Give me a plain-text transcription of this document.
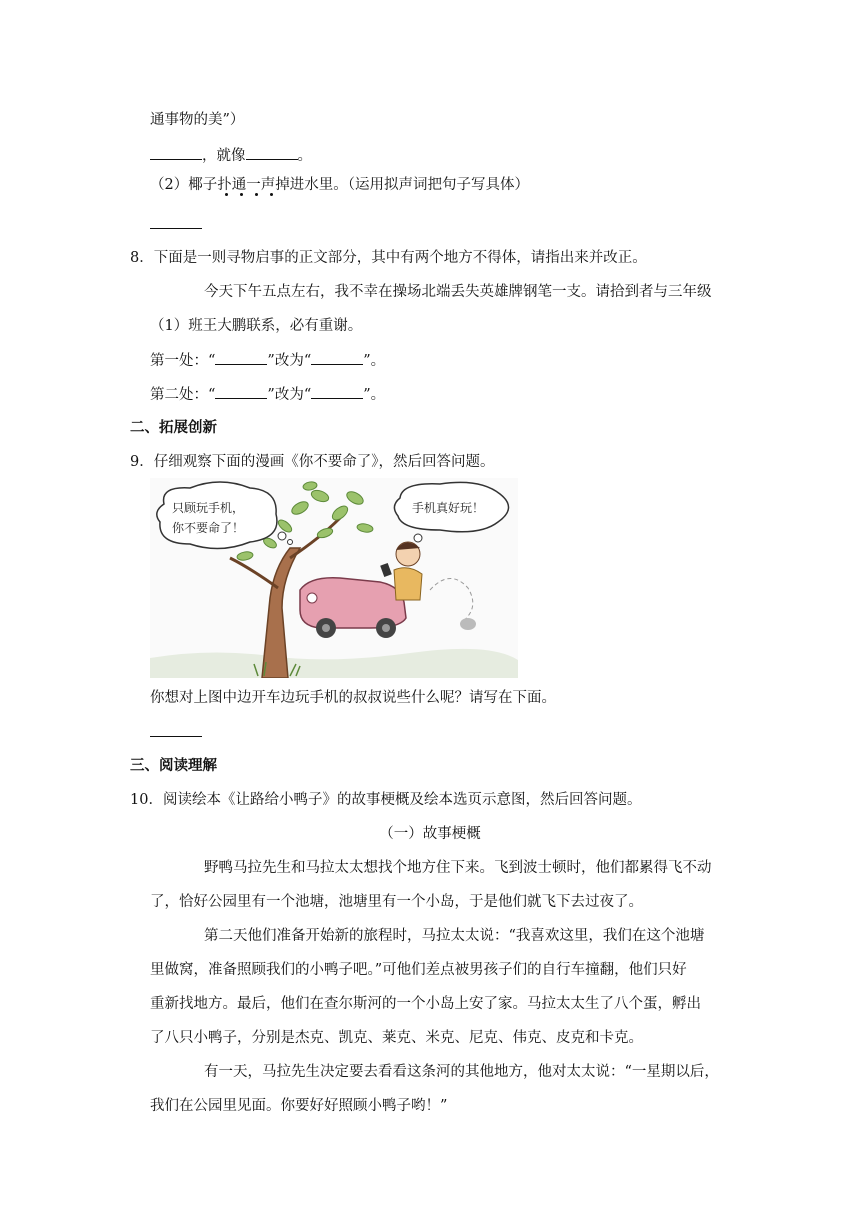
通事物的美”）
，就像	。
（2）椰子扑通一声掉进水里。（运用拟声词把句子写具体）
8．下面是一则寻物启事的正文部分，其中有两个地方不得体，请指出来并改正。
今天下午五点左右，我不幸在操场北端丢失英雄牌钢笔一支。请拾到者与三年级
（1）班王大鹏联系，必有重谢。
第一处：“	”改为“	”。
第二处：“	”改为“	”。
二、拓展创新
9．仔细观察下面的漫画《你不要命了》，然后回答问题。
只顾玩手机，
你不要命了！
手机真好玩！
你想对上图中边开车边玩手机的叔叔说些什么呢？请写在下面。
三、阅读理解
10．阅读绘本《让路给小鸭子》的故事梗概及绘本选页示意图，然后回答问题。
（一）故事梗概
野鸭马拉先生和马拉太太想找个地方住下来。飞到波士顿时，他们都累得飞不动
了，恰好公园里有一个池塘，池塘里有一个小岛，于是他们就飞下去过夜了。
第二天他们准备开始新的旅程时，马拉太太说：“我喜欢这里，我们在这个池塘
里做窝，准备照顾我们的小鸭子吧。”可他们差点被男孩子们的自行车撞翻，他们只好
重新找地方。最后，他们在查尔斯河的一个小岛上安了家。马拉太太生了八个蛋，孵出
了八只小鸭子，分别是杰克、凯克、莱克、米克、尼克、伟克、皮克和卡克。
有一天，马拉先生决定要去看看这条河的其他地方，他对太太说：“一星期以后，
我们在公园里见面。你要好好照顾小鸭子哟！”
